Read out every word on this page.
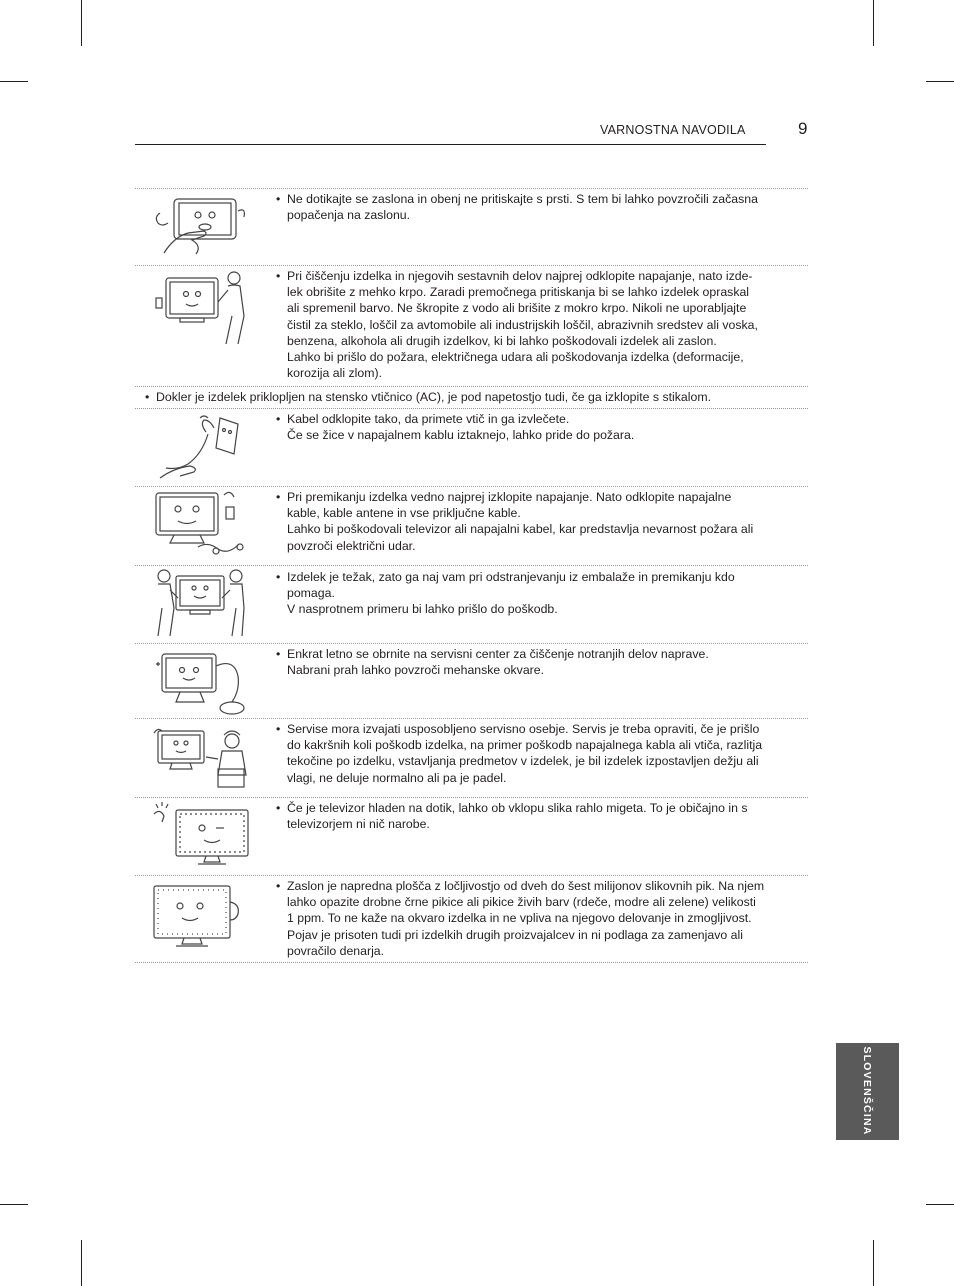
VARNOSTNA NAVODILA	9
• Ne dotikajte se zaslona in obenj ne pritiskajte s prsti. S tem bi lahko povzročili začasna
popačenja na zaslonu.
• Pri čiščenju izdelka in njegovih sestavnih delov najprej odklopite napajanje, nato izde-
lek obrišite z mehko krpo. Zaradi premočnega pritiskanja bi se lahko izdelek opraskal
ali spremenil barvo. Ne škropite z vodo ali brišite z mokro krpo. Nikoli ne uporabljajte
čistil za steklo, loščil za avtomobile ali industrijskih loščil, abrazivnih sredstev ali voska,
benzena, alkohola ali drugih izdelkov, ki bi lahko poškodovali izdelek ali zaslon.
Lahko bi prišlo do požara, električnega udara ali poškodovanja izdelka (deformacije,
korozija ali zlom).
• Dokler je izdelek priklopljen na stensko vtičnico (AC), je pod napetostjo tudi, če ga izklopite s stikalom.
• Kabel odklopite tako, da primete vtič in ga izvlečete.
Če se žice v napajalnem kablu iztaknejo, lahko pride do požara.
• Pri premikanju izdelka vedno najprej izklopite napajanje. Nato odklopite napajalne
kable, kable antene in vse priključne kable.
Lahko bi poškodovali televizor ali napajalni kabel, kar predstavlja nevarnost požara ali
povzroči električni udar.
• Izdelek je težak, zato ga naj vam pri odstranjevanju iz embalaže in premikanju kdo
pomaga.
V nasprotnem primeru bi lahko prišlo do poškodb.
• Enkrat letno se obrnite na servisni center za čiščenje notranjih delov naprave.
Nabrani prah lahko povzroči mehanske okvare.
• Servise mora izvajati usposobljeno servisno osebje. Servis je treba opraviti, če je prišlo
do kakršnih koli poškodb izdelka, na primer poškodb napajalnega kabla ali vtiča, razlitja
tekočine po izdelku, vstavljanja predmetov v izdelek, je bil izdelek izpostavljen dežju ali
vlagi, ne deluje normalno ali pa je padel.
• Če je televizor hladen na dotik, lahko ob vklopu slika rahlo migeta. To je običajno in s
televizorjem ni nič narobe.
• Zaslon je napredna plošča z ločljivostjo od dveh do šest milijonov slikovnih pik. Na njem
lahko opazite drobne črne pikice ali pikice živih barv (rdeče, modre ali zelene) velikosti
1 ppm. To ne kaže na okvaro izdelka in ne vpliva na njegovo delovanje in zmogljivost.
Pojav je prisoten tudi pri izdelkih drugih proizvajalcev in ni podlaga za zamenjavo ali
povračilo denarja.
SLOVENŠČINA
